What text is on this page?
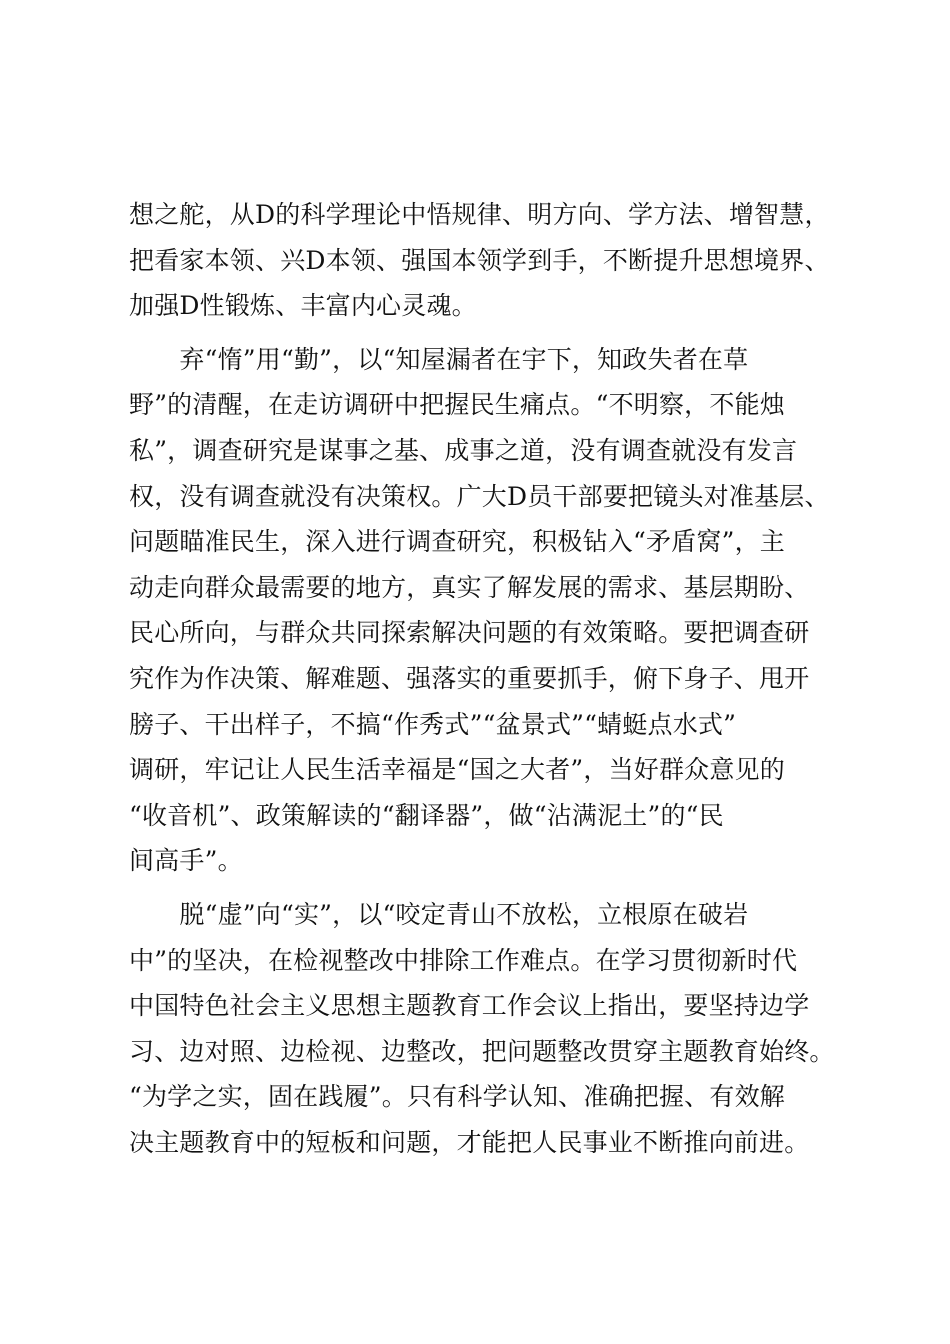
想之舵，从D的科学理论中悟规律、明方向、学方法、增智慧，
把看家本领、兴D本领、强国本领学到手，不断提升思想境界、
加强D性锻炼、丰富内心灵魂。
　　弃“惰”用“勤”，以“知屋漏者在宇下，知政失者在草
野”的清醒，在走访调研中把握民生痛点。“不明察，不能烛
私”，调查研究是谋事之基、成事之道，没有调查就没有发言
权，没有调查就没有决策权。广大D员干部要把镜头对准基层、
问题瞄准民生，深入进行调查研究，积极钻入“矛盾窝”，主
动走向群众最需要的地方，真实了解发展的需求、基层期盼、
民心所向，与群众共同探索解决问题的有效策略。要把调查研
究作为作决策、解难题、强落实的重要抓手，俯下身子、甩开
膀子、干出样子，不搞“作秀式”“盆景式”“蜻蜓点水式”
调研，牢记让人民生活幸福是“国之大者”，当好群众意见的
“收音机”、政策解读的“翻译器”，做“沾满泥土”的“民
间高手”。
　　脱“虚”向“实”，以“咬定青山不放松，立根原在破岩
中”的坚决，在检视整改中排除工作难点。在学习贯彻新时代
中国特色社会主义思想主题教育工作会议上指出，要坚持边学
习、边对照、边检视、边整改，把问题整改贯穿主题教育始终。
“为学之实，固在践履”。只有科学认知、准确把握、有效解
决主题教育中的短板和问题，才能把人民事业不断推向前进。
